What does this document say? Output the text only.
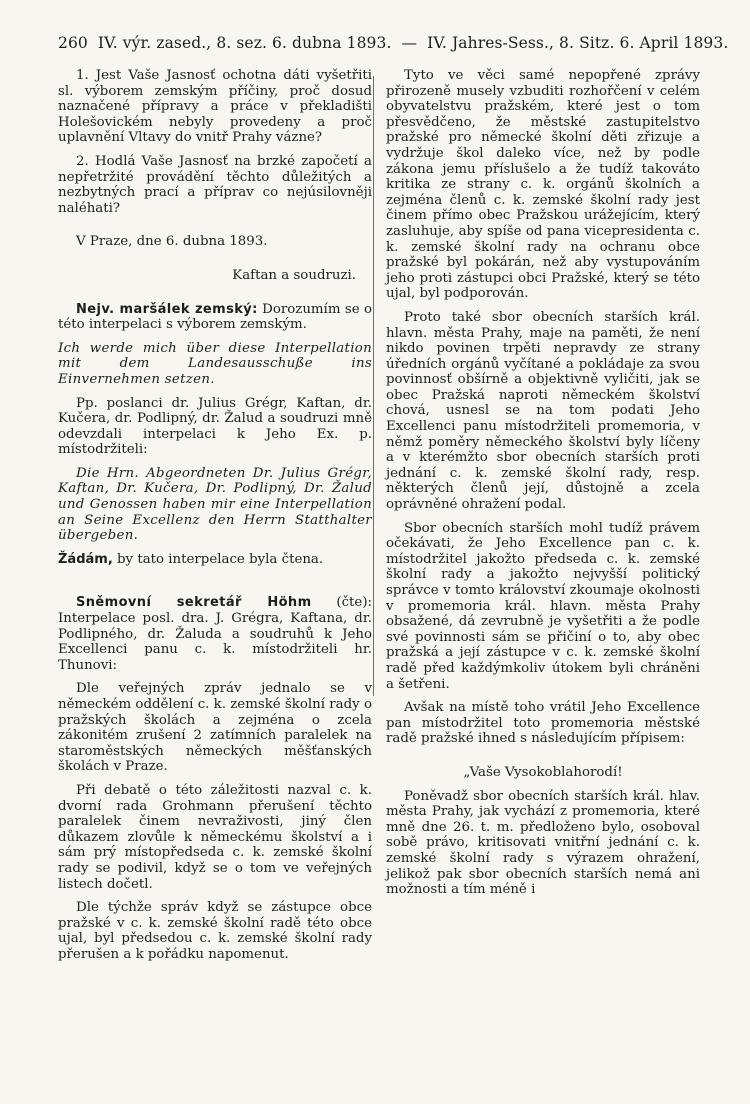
260 IV. výr. zased., 8. sez. 6. dubna 1893. — IV. Jahres-Sess., 8. Sitz. 6. April 1893.

1. Jest Vaše Jasnosť ochotna dáti vyšetřiti sl. výborem zemským příčiny, proč dosud naznačené přípravy a práce v překladišti Holešovickém nebyly provedeny a proč uplavnění Vltavy do vnitř Prahy vázne?

2. Hodlá Vaše Jasnosť na brzké započetí a nepřetržité provádění těchto důležitých a nezbytných prací a příprav co nejúsilovněji naléhati?

V Praze, dne 6. dubna 1893.

Kaftan a soudruzi.

Nejv. maršálek zemský: Dorozumím se o této interpelaci s výborem zemským.

Ich werde mich über diese Interpellation mit dem Landesausschuße ins Einvernehmen setzen.

Pp. poslanci dr. Julius Grégr, Kaftan, dr. Kučera, dr. Podlipný, dr. Žalud a soudruzi mně odevzdali interpelaci k Jeho Ex. p. místodržiteli:

Die Hrn. Abgeordneten Dr. Julius Grégr, Kaftan, Dr. Kučera, Dr. Podlipný, Dr. Žalud und Genossen haben mir eine Interpellation an Seine Excellenz den Herrn Statthalter übergeben.

Žádám, by tato interpelace byla čtena.

Sněmovní sekretář Höhm (čte): Interpelace posl. dra. J. Grégra, Kaftana, dr. Podlipného, dr. Žaluda a soudruhů k Jeho Excellenci panu c. k. místodržiteli hr. Thunovi:

Dle veřejných zpráv jednalo se v německém oddělení c. k. zemské školní rady o pražských školách a zejména o zcela zákonitém zrušení 2 zatímních paralelek na staroměstských německých měšťanských školách v Praze.

Při debatě o této záležitosti nazval c. k. dvorní rada Grohmann přerušení těchto paralelek činem nevraživosti, jiný člen důkazem zlovůle k německému školství a i sám prý místopředseda c. k. zemské školní rady se podivil, když se o tom ve veřejných listech dočetl.

Dle týchže správ když se zástupce obce pražské v c. k. zemské školní radě této obce ujal, byl předsedou c. k. zemské školní rady přerušen a k pořádku napomenut.

Tyto ve věci samé nepopřené zprávy přirozeně musely vzbuditi rozhořčení v celém obyvatelstvu pražském, které jest o tom přesvědčeno, že městské zastupitelstvo pražské pro německé školní děti zřizuje a vydržuje škol daleko více, než by podle zákona jemu příslušelo a že tudíž takováto kritika ze strany c. k. orgánů školních a zejména členů c. k. zemské školní rady jest činem přímo obec Pražskou urážejícím, který zasluhuje, aby spíše od pana vicepresidenta c. k. zemské školní rady na ochranu obce pražské byl pokárán, než aby vystupováním jeho proti zástupci obci Pražské, který se této ujal, byl podporován.

Proto také sbor obecních starších král. hlavn. města Prahy, maje na paměti, že není nikdo povinen trpěti nepravdy ze strany úředních orgánů vyčítané a pokládaje za svou povinnosť obšírně a objektivně vyličiti, jak se obec Pražská naproti německém školství chová, usnesl se na tom podati Jeho Excellenci panu místodržiteli promemoria, v němž poměry německého školství byly líčeny a v kterémžto sbor obecních starších proti jednání c. k. zemské školní rady, resp. některých členů její, důstojně a zcela oprávněné ohražení podal.

Sbor obecních starších mohl tudíž právem očekávati, že Jeho Excellence pan c. k. místodržitel jakožto předseda c. k. zemské školní rady a jakožto nejvyšší politický správce v tomto království zkoumaje okolnosti v promemoria král. hlavn. města Prahy obsažené, dá zevrubně je vyšetřiti a že podle své povinnosti sám se přičiní o to, aby obec pražská a její zástupce v c. k. zemské školní radě před každýmkoliv útokem byli chráněni a šetřeni.

Avšak na místě toho vrátil Jeho Excellence pan místodržitel toto promemoria městské radě pražské ihned s následujícím přípisem:

„Vaše Vysokoblahorodí!

Poněvadž sbor obecních starších král. hlav. města Prahy, jak vychází z promemoria, které mně dne 26. t. m. předloženo bylo, osoboval sobě právo, kritisovati vnitřní jednání c. k. zemské školní rady s výrazem ohražení, jelikož pak sbor obecních starších nemá ani možnosti a tím méně i
